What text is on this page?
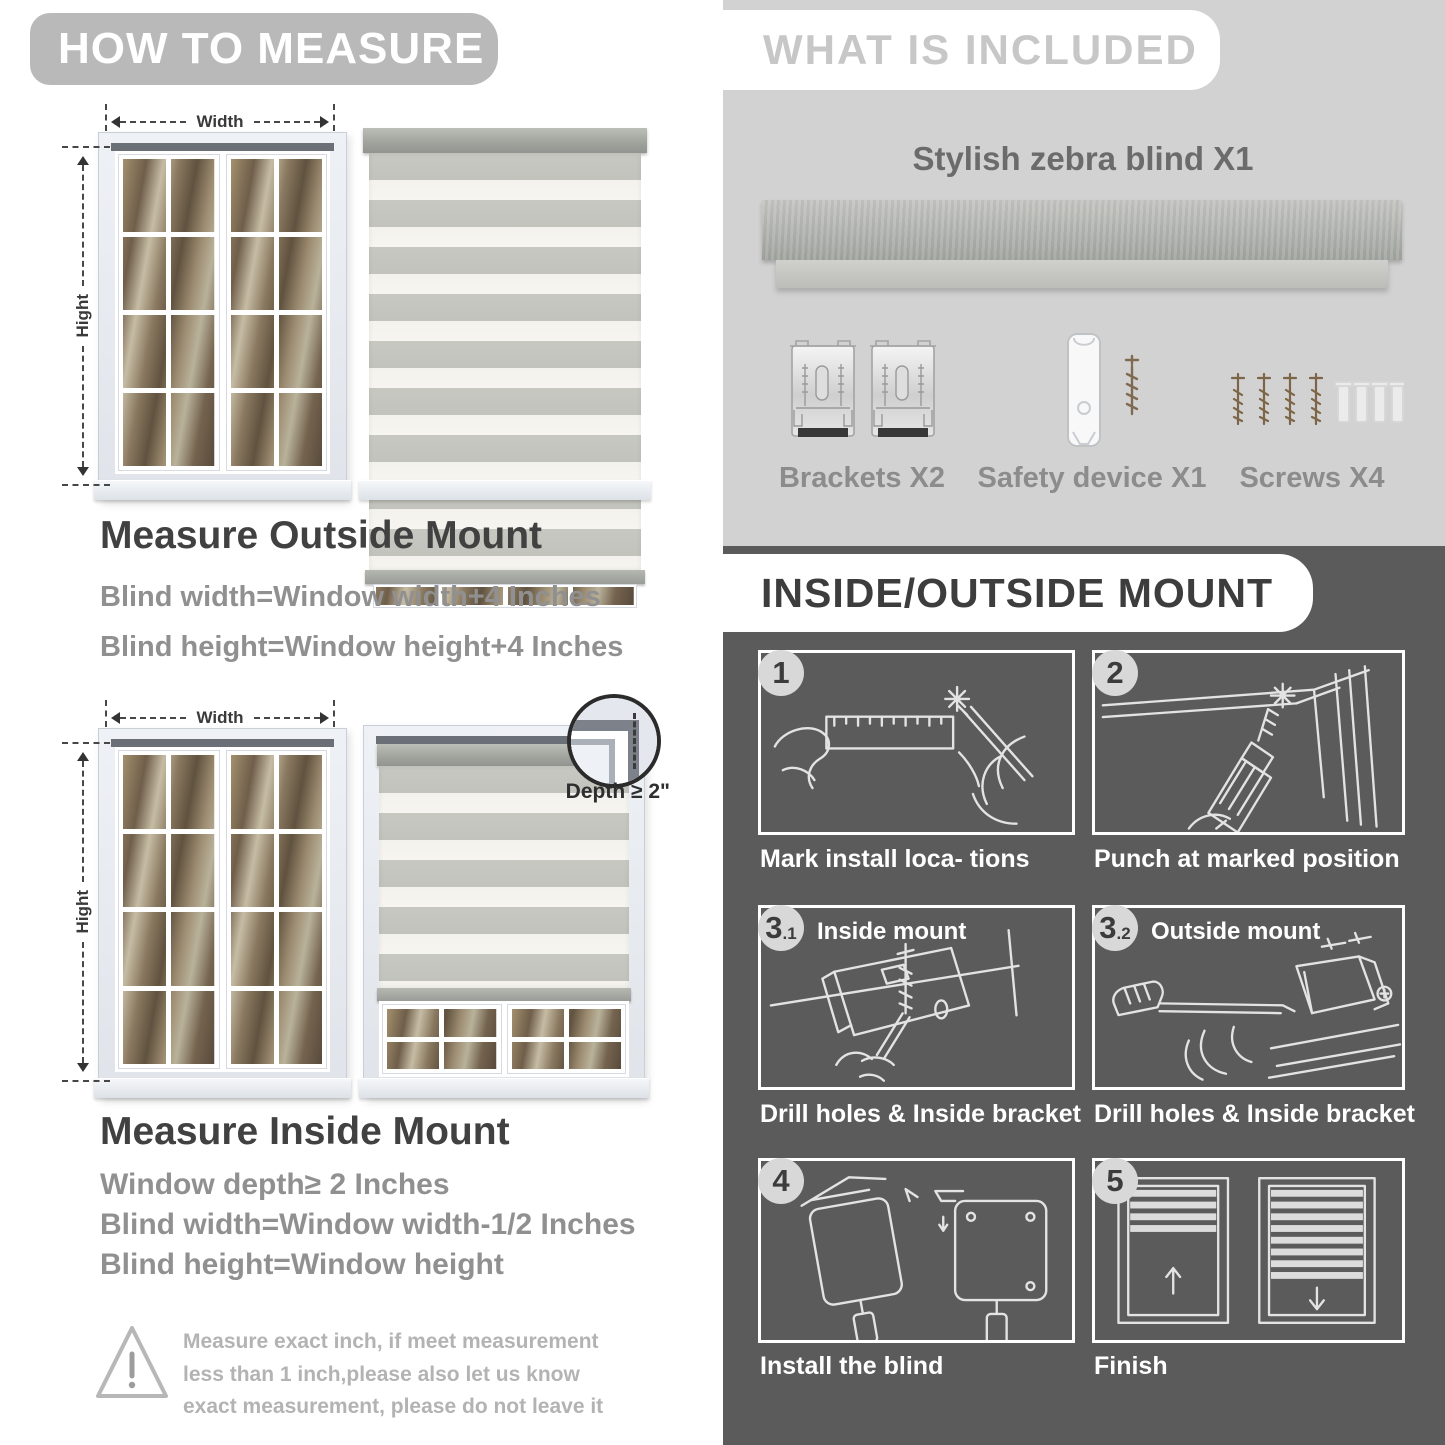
HOW TO MEASURE
Width
Hight
Measure Outside Mount
Blind width=Window width+4 Inches
Blind height=Window height+4 Inches
Width
Hight
Depth ≥ 2"
Measure Inside Mount
Window depth≥ 2 Inches
Blind width=Window width-1/2 Inches
Blind height=Window height
Measure exact inch, if meet measurement less than 1 inch,please also let us know exact measurement, please do not leave it
WHAT IS INCLUDED
Stylish zebra blind X1
Brackets X2	Safety device X1	Screws X4
INSIDE/OUTSIDE MOUNT
1
Mark install loca- tions
2
Punch at marked position
3 .1 Inside mount
Drill holes & Inside bracket
3 .2 Outside mount
Drill holes & Inside bracket
4
Install the blind
5
Finish
